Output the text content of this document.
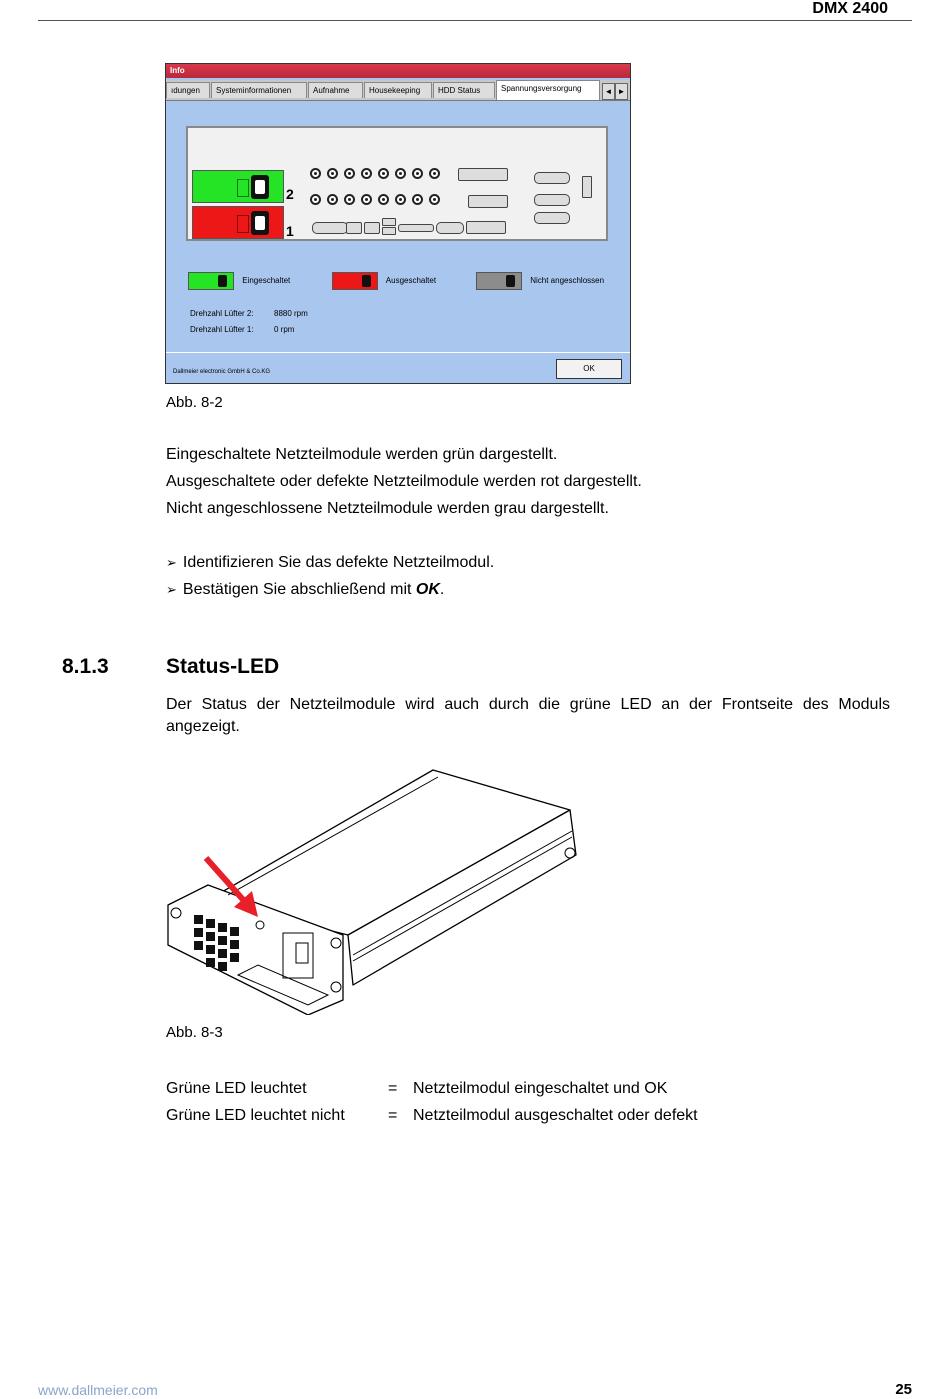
DMX 2400
Info
ıdungen	Systeminformationen	Aufnahme	Housekeeping	HDD Status	Spannungsversorgung	◄ ►
2
1
Eingeschaltet	Ausgeschaltet	Nicht angeschlossen
Drehzahl Lüfter 2:	8880 rpm
Drehzahl Lüfter 1:	0 rpm
Dallmeier electronic GmbH & Co.KG	OK
Abb. 8-2
Eingeschaltete Netzteilmodule werden grün dargestellt.
Ausgeschaltete oder defekte Netzteilmodule werden rot dargestellt.
Nicht angeschlossene Netzteilmodule werden grau dargestellt.
➢ Identifizieren Sie das defekte Netzteilmodul.
➢ Bestätigen Sie abschließend mit OK.
8.1.3	Status-LED
Der Status der Netzteilmodule wird auch durch die grüne LED an der Frontseite des Moduls angezeigt.
Abb. 8-3
Grüne LED leuchtet	=	Netzteilmodul eingeschaltet und OK
Grüne LED leuchtet nicht	=	Netzteilmodul ausgeschaltet oder defekt
www.dallmeier.com	25
